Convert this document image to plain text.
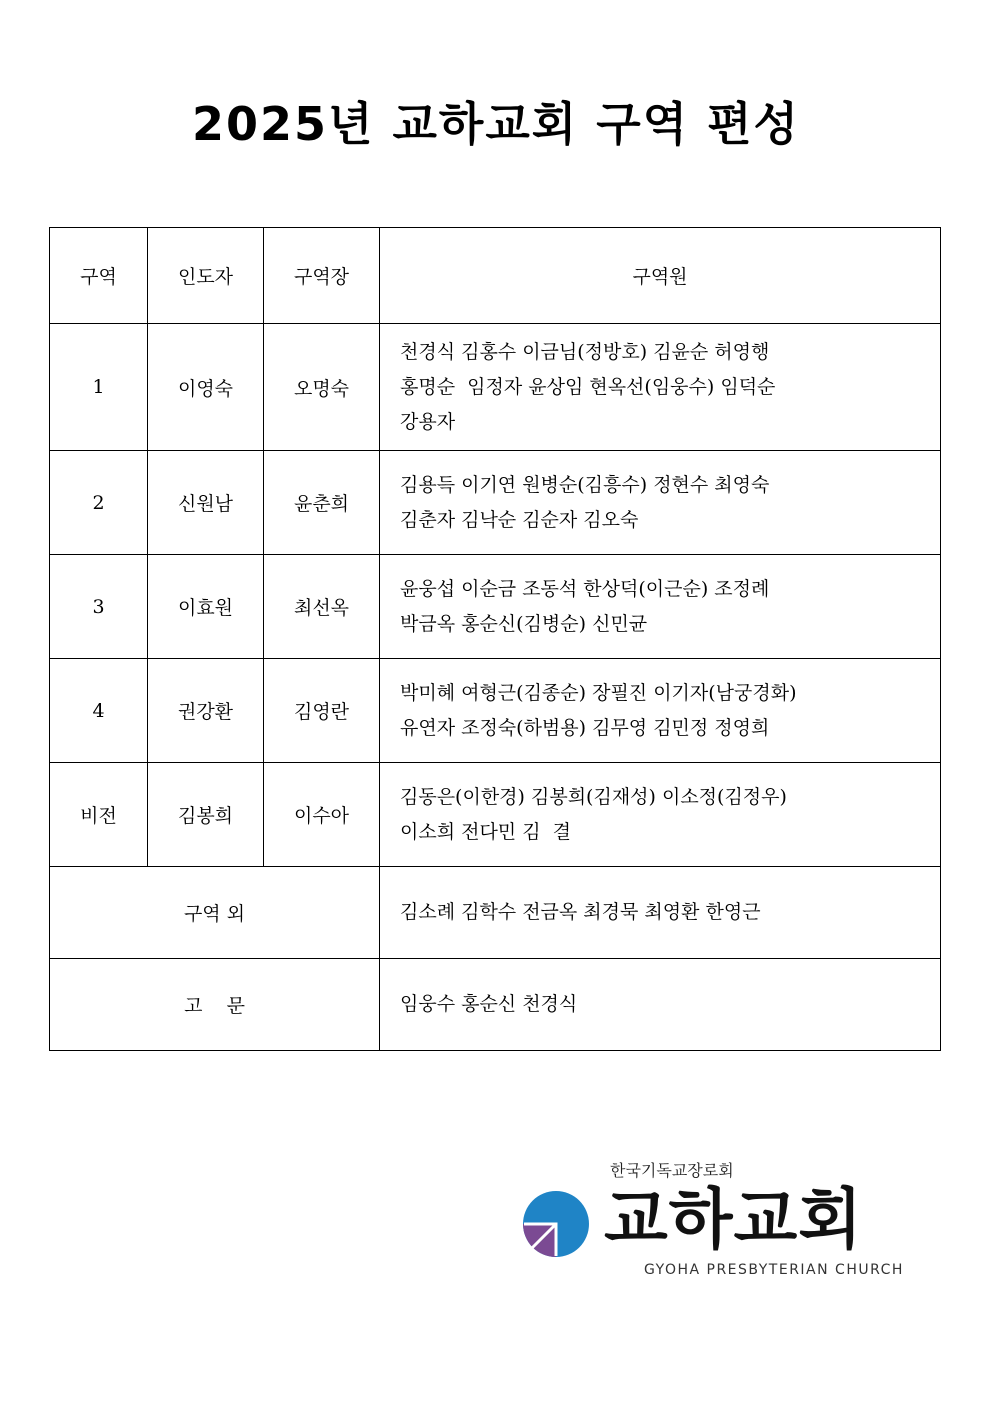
2025년 교하교회 구역 편성
구역	인도자	구역장	구역원
1	이영숙	오명숙	천경식 김홍수 이금님(정방호) 김윤순 허영행
홍명순  임정자 윤상임 현옥선(임웅수) 임덕순
강용자

2	신원남	윤춘희	김용득 이기연 원병순(김흥수) 정현수 최영숙
김춘자 김낙순 김순자 김오숙

3	이효원	최선옥	윤웅섭 이순금 조동석 한상덕(이근순) 조정례
박금옥 홍순신(김병순) 신민균

4	권강환	김영란	박미혜 여형근(김종순) 장필진 이기자(남궁경화)
유연자 조정숙(하범용) 김무영 김민정 정영희

비전	김봉희	이수아	김동은(이한경) 김봉희(김재성) 이소정(김정우)
이소희 전다민 김  결

구역 외			김소례 김학수 전금옥 최경묵 최영환 한영근

고    문			임웅수 홍순신 천경식
한국기독교장로회
교하교회
GYOHA PRESBYTERIAN CHURCH
